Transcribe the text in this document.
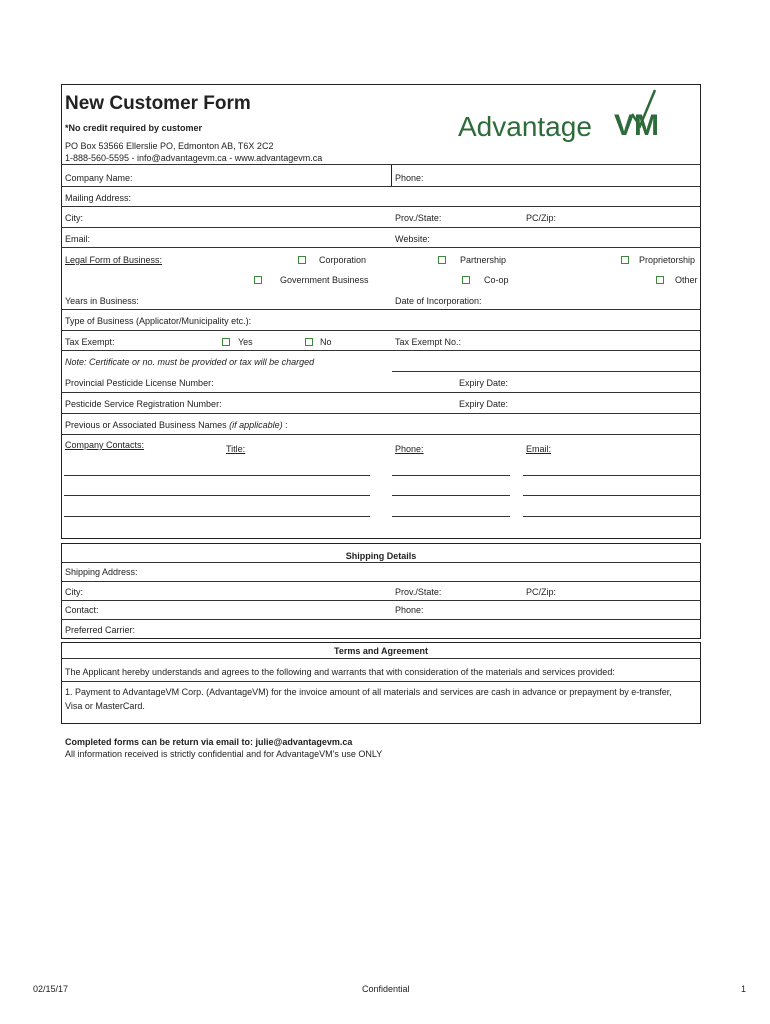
New Customer Form
*No credit required by customer
PO Box 53566 Ellerslie PO, Edmonton AB, T6X 2C2
1-888-560-5595 - info@advantagevm.ca - www.advantagevm.ca
Advantage VM
Company Name:	Phone:
Mailing Address:
City:	Prov./State:	PC/Zip:
Email:	Website:
Legal Form of Business:	Corporation	Partnership	Proprietorship
Government Business	Co-op	Other
Years in Business:	Date of Incorporation:
Type of Business (Applicator/Municipality etc.):
Tax Exempt:	Yes	No	Tax Exempt No.:
Note: Certificate or no. must be provided or tax will be charged
Provincial Pesticide License Number:	Expiry Date:
Pesticide Service Registration Number:	Expiry Date:
Previous or Associated Business Names (if applicable) :
Company Contacts:	Title:	Phone:	Email:
Shipping Details
Shipping Address:
City:	Prov./State:	PC/Zip:
Contact:	Phone:
Preferred Carrier:
Terms and Agreement
The Applicant hereby understands and agrees to the following and warrants that with consideration of the materials and services provided:
1. Payment to AdvantageVM Corp. (AdvantageVM) for the invoice amount of all materials and services are cash in advance or prepayment by e-transfer,
Visa or MasterCard.
Completed forms can be return via email to: julie@advantagevm.ca
All information received is strictly confidential and for AdvantageVM's use ONLY
02/15/17	Confidential	1
